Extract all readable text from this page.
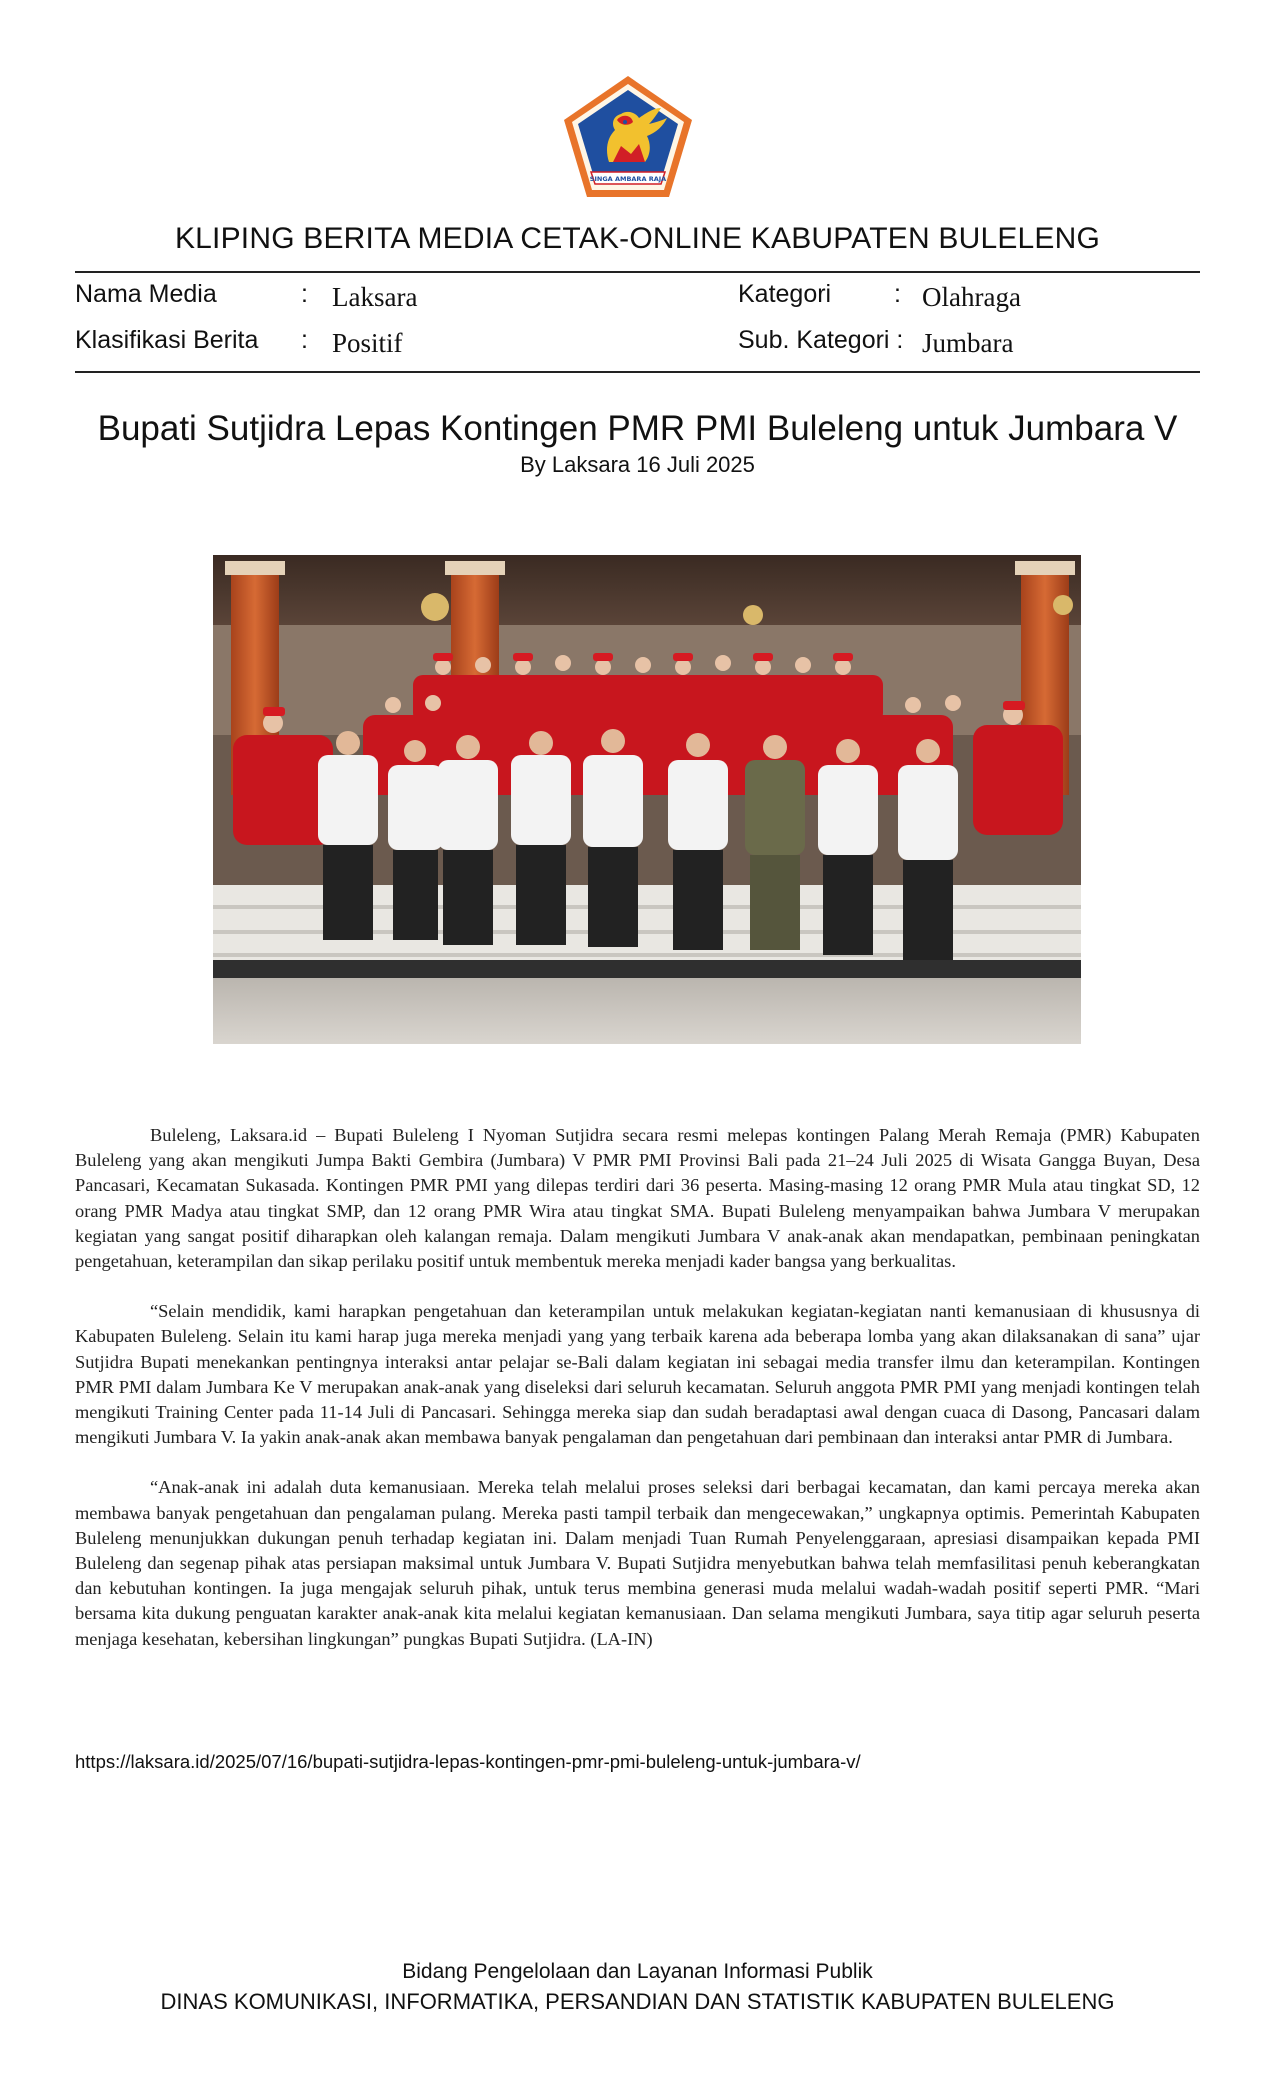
SINGA AMBARA RAJA
KLIPING BERITA MEDIA CETAK-ONLINE KABUPATEN BULELENG
Nama Media	: Laksara
Klasifikasi Berita : Positif
Kategori	: Olahraga
Sub. Kategori : Jumbara
Bupati Sutjidra Lepas Kontingen PMR PMI Buleleng untuk Jumbara V
By Laksara 16 Juli 2025

Buleleng, Laksara.id – Bupati Buleleng I Nyoman Sutjidra secara resmi melepas kontingen Palang Merah Remaja (PMR) Kabupaten Buleleng yang akan mengikuti Jumpa Bakti Gembira (Jumbara) V PMR PMI Provinsi Bali pada 21–24 Juli 2025 di Wisata Gangga Buyan, Desa Pancasari, Kecamatan Sukasada. Kontingen PMR PMI yang dilepas terdiri dari 36 peserta. Masing-masing 12 orang PMR Mula atau tingkat SD, 12 orang PMR Madya atau tingkat SMP, dan 12 orang PMR Wira atau tingkat SMA. Bupati Buleleng menyampaikan bahwa Jumbara V merupakan kegiatan yang sangat positif diharapkan oleh kalangan remaja. Dalam mengikuti Jumbara V anak-anak akan mendapatkan, pembinaan peningkatan pengetahuan, keterampilan dan sikap perilaku positif untuk membentuk mereka menjadi kader bangsa yang berkualitas.

“Selain mendidik, kami harapkan pengetahuan dan keterampilan untuk melakukan kegiatan-kegiatan nanti kemanusiaan di khususnya di Kabupaten Buleleng. Selain itu kami harap juga mereka menjadi yang yang terbaik karena ada beberapa lomba yang akan dilaksanakan di sana” ujar Sutjidra Bupati menekankan pentingnya interaksi antar pelajar se-Bali dalam kegiatan ini sebagai media transfer ilmu dan keterampilan. Kontingen PMR PMI dalam Jumbara Ke V merupakan anak-anak yang diseleksi dari seluruh kecamatan. Seluruh anggota PMR PMI yang menjadi kontingen telah mengikuti Training Center pada 11-14 Juli di Pancasari. Sehingga mereka siap dan sudah beradaptasi awal dengan cuaca di Dasong, Pancasari dalam mengikuti Jumbara V. Ia yakin anak-anak akan membawa banyak pengalaman dan pengetahuan dari pembinaan dan interaksi antar PMR di Jumbara.

“Anak-anak ini adalah duta kemanusiaan. Mereka telah melalui proses seleksi dari berbagai kecamatan, dan kami percaya mereka akan membawa banyak pengetahuan dan pengalaman pulang. Mereka pasti tampil terbaik dan mengecewakan,” ungkapnya optimis. Pemerintah Kabupaten Buleleng menunjukkan dukungan penuh terhadap kegiatan ini. Dalam menjadi Tuan Rumah Penyelenggaraan, apresiasi disampaikan kepada PMI Buleleng dan segenap pihak atas persiapan maksimal untuk Jumbara V. Bupati Sutjidra menyebutkan bahwa telah memfasilitasi penuh keberangkatan dan kebutuhan kontingen. Ia juga mengajak seluruh pihak, untuk terus membina generasi muda melalui wadah-wadah positif seperti PMR. “Mari bersama kita dukung penguatan karakter anak-anak kita melalui kegiatan kemanusiaan. Dan selama mengikuti Jumbara, saya titip agar seluruh peserta menjaga kesehatan, kebersihan lingkungan” pungkas Bupati Sutjidra. (LA-IN)

https://laksara.id/2025/07/16/bupati-sutjidra-lepas-kontingen-pmr-pmi-buleleng-untuk-jumbara-v/
Bidang Pengelolaan dan Layanan Informasi Publik
DINAS KOMUNIKASI, INFORMATIKA, PERSANDIAN DAN STATISTIK KABUPATEN BULELENG
